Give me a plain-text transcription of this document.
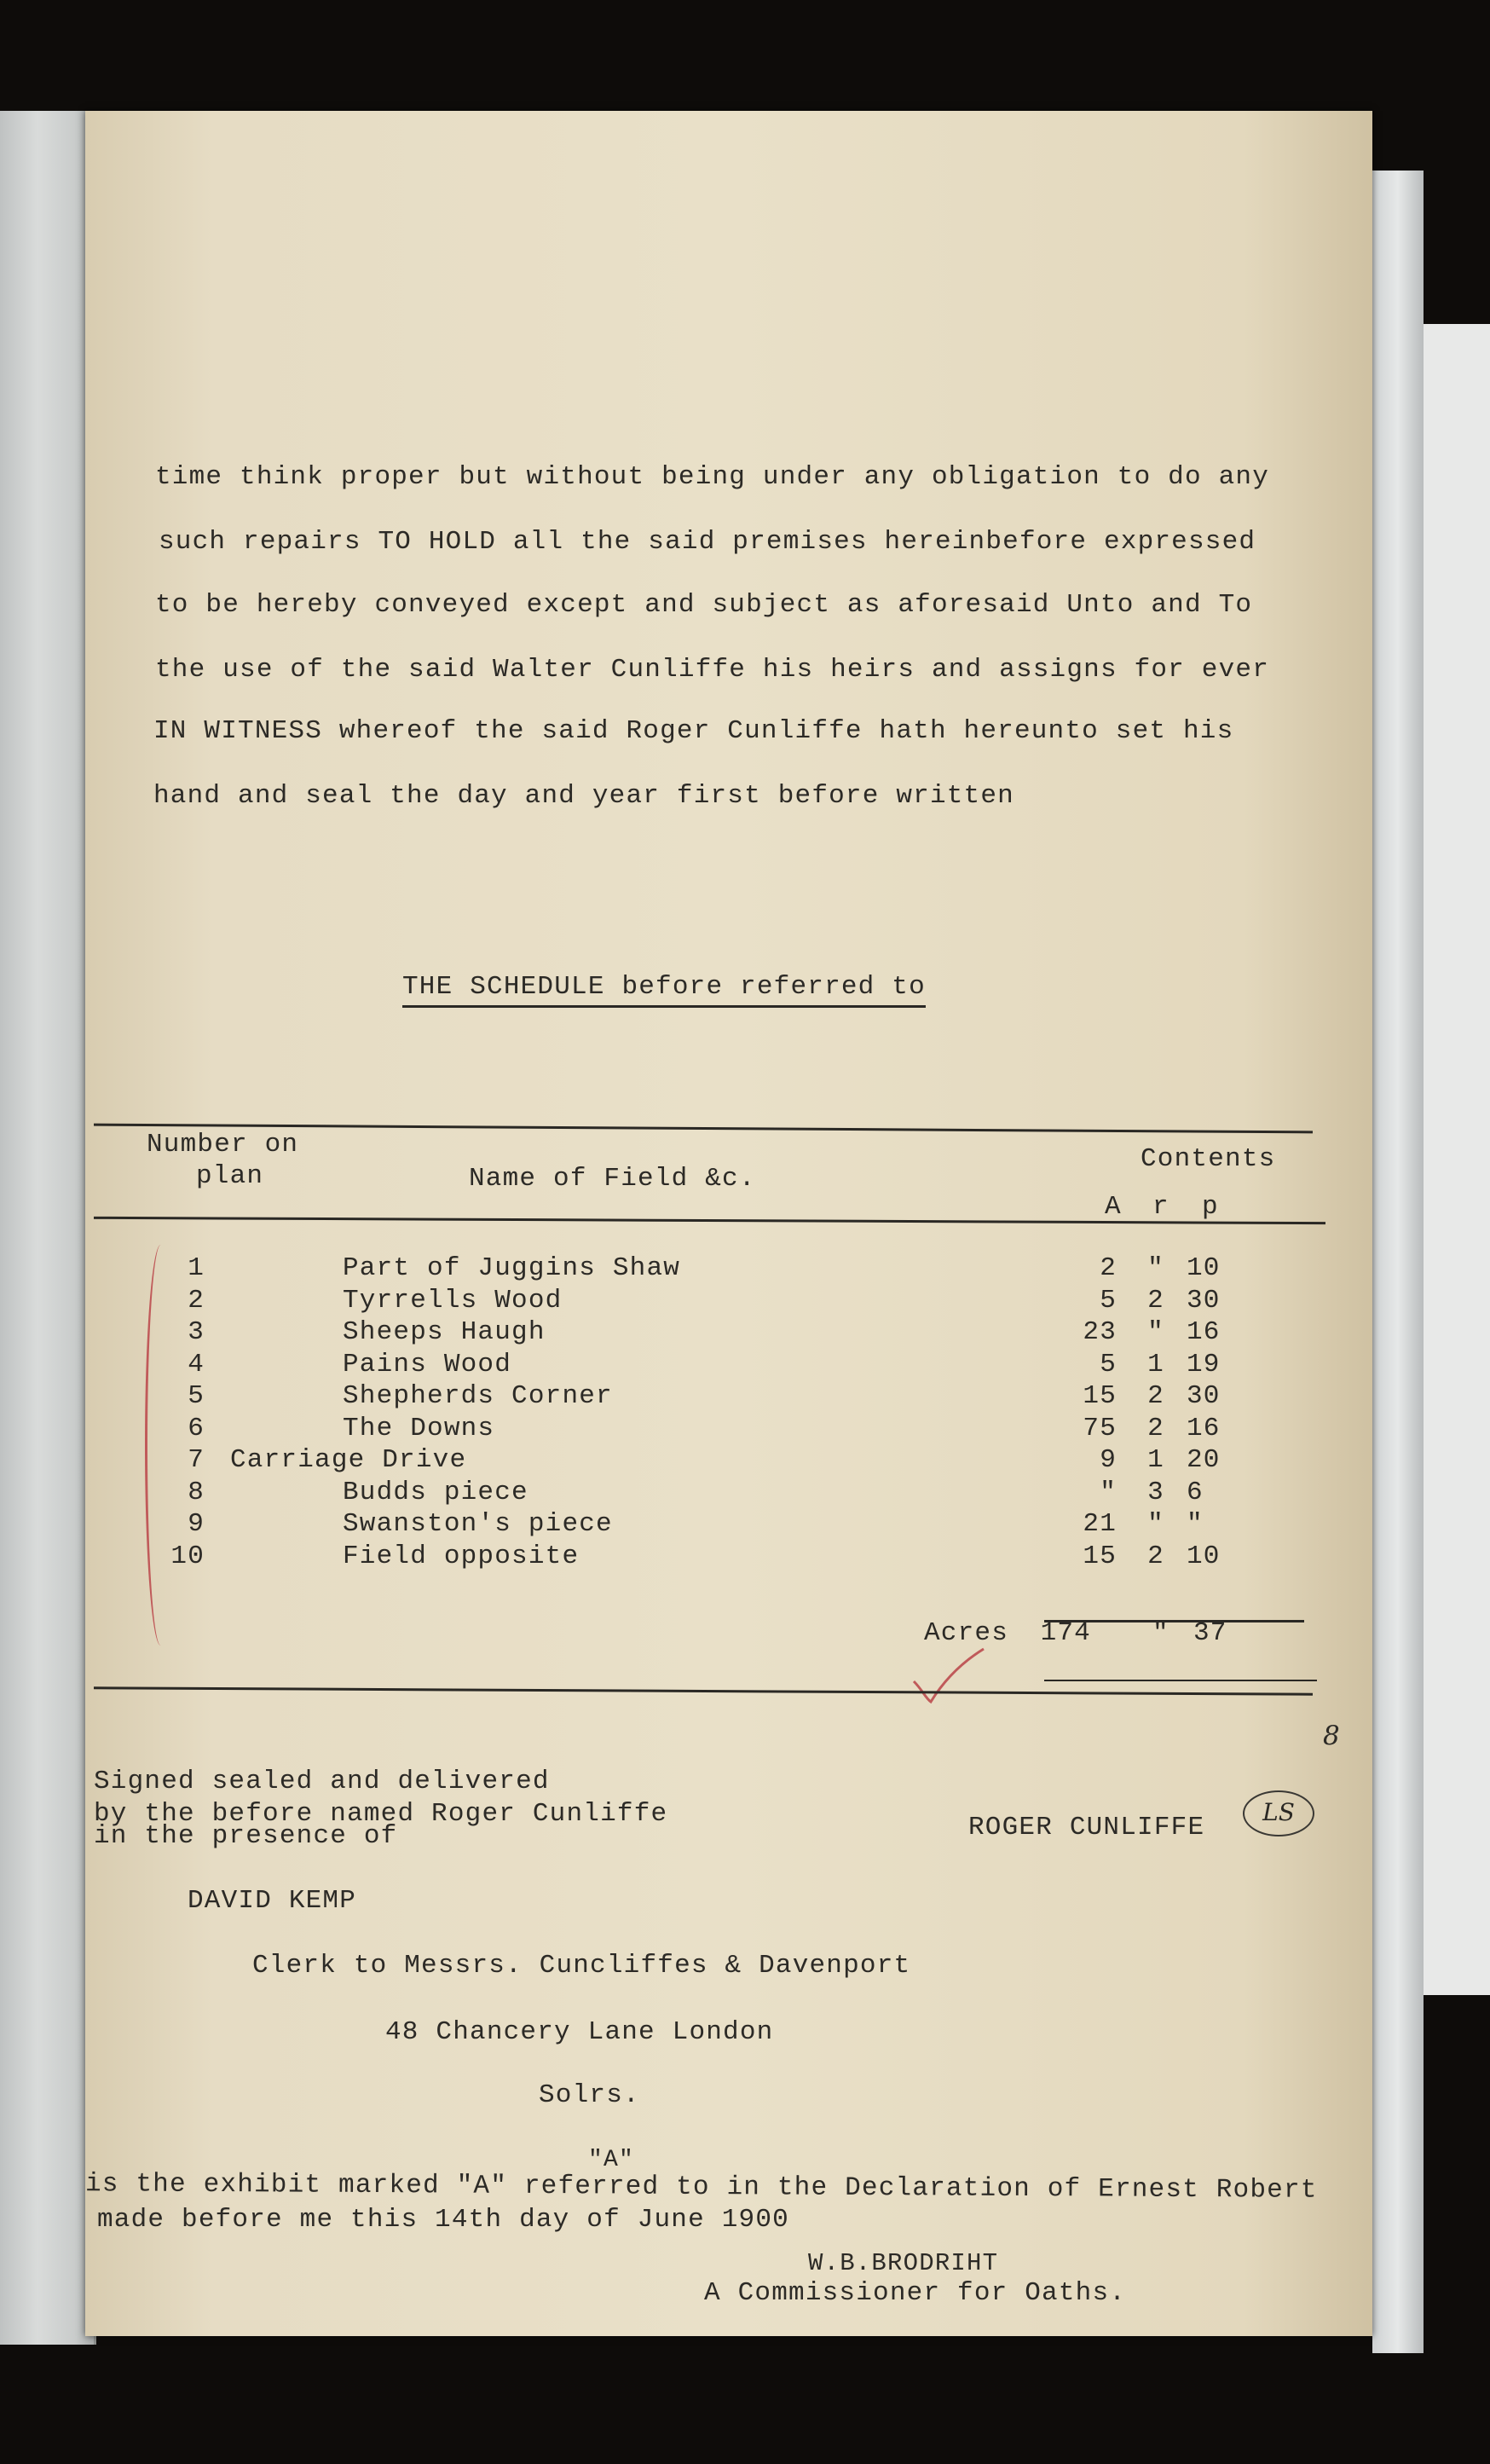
time think proper but without being under any obligation to do any
such repairs TO HOLD all the said premises hereinbefore expressed
to be hereby conveyed except and subject as aforesaid Unto and To
the use of the said Walter Cunliffe his heirs and assigns for ever
IN WITNESS whereof the said Roger Cunliffe hath hereunto set his
hand and seal the day and year first before written
THE SCHEDULE before referred to
Number on
plan	Name of Field &c.
Contents
A r p
1	Part of Juggins Shaw	2	" 10
2	Tyrrells Wood	5	2 30
3	Sheeps Haugh	23	" 16
4	Pains Wood	5	1 19
5	Shepherds Corner	15	2 30
6	The Downs	75	2 16
7 Carriage Drive	9	1 20
8	Budds piece	"	3 6
9	Swanston's piece	21	" "
10	Field opposite	15	2 10
Acres	174 " 37
8
Signed sealed and delivered
by the before named Roger Cunliffe
in the presence of	ROGER CUNLIFFE
LS
DAVID KEMP
Clerk to Messrs. Cuncliffes & Davenport
48 Chancery Lane London
Solrs.
"A"
is the exhibit marked "A" referred to in the Declaration of Ernest Robert
made before me this 14th day of June 1900
W.B.BRODRIHT
A Commissioner for Oaths.
